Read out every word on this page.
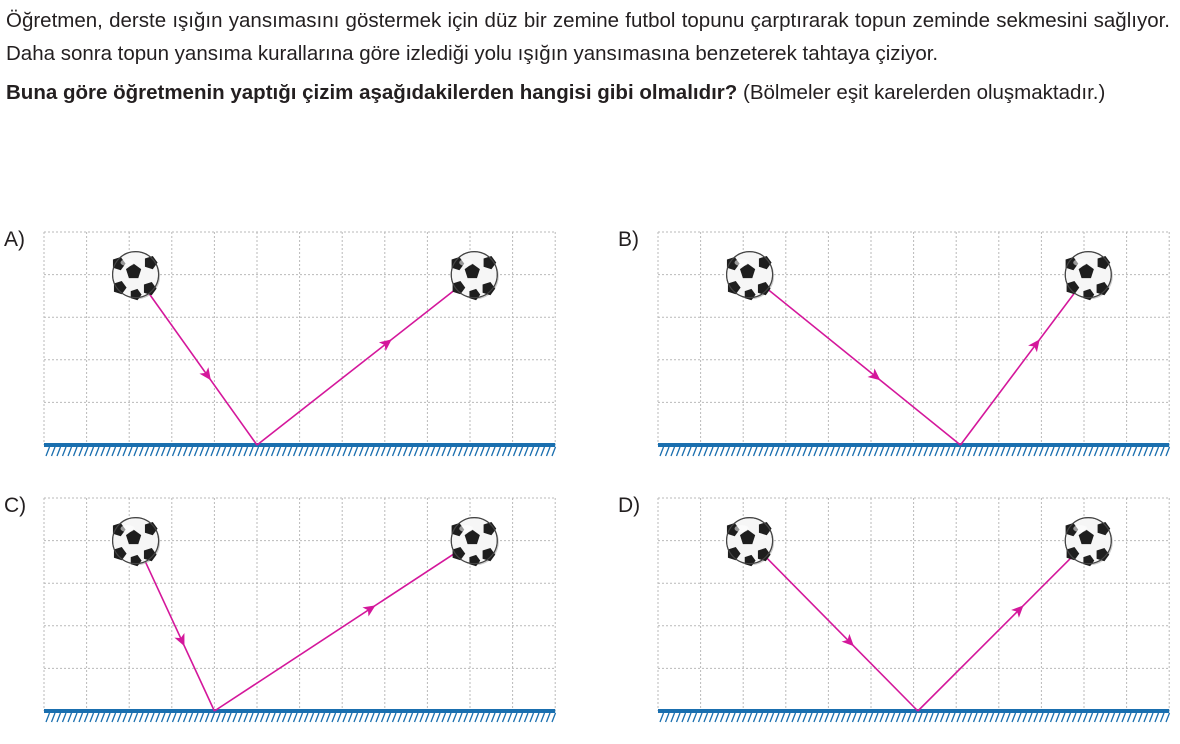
Öğretmen, derste ışığın yansımasını göstermek için düz bir zemine futbol topunu çarptırarak topun zeminde sekmesini sağlıyor. Daha sonra topun yansıma kurallarına göre izlediği yolu ışığın yansımasına benzeterek tahtaya çiziyor.

Buna göre öğretmenin yaptığı çizim aşağıdakilerden hangisi gibi olmalıdır? (Bölmeler eşit karelerden oluşmaktadır.)

A)	B)
C)	D)
